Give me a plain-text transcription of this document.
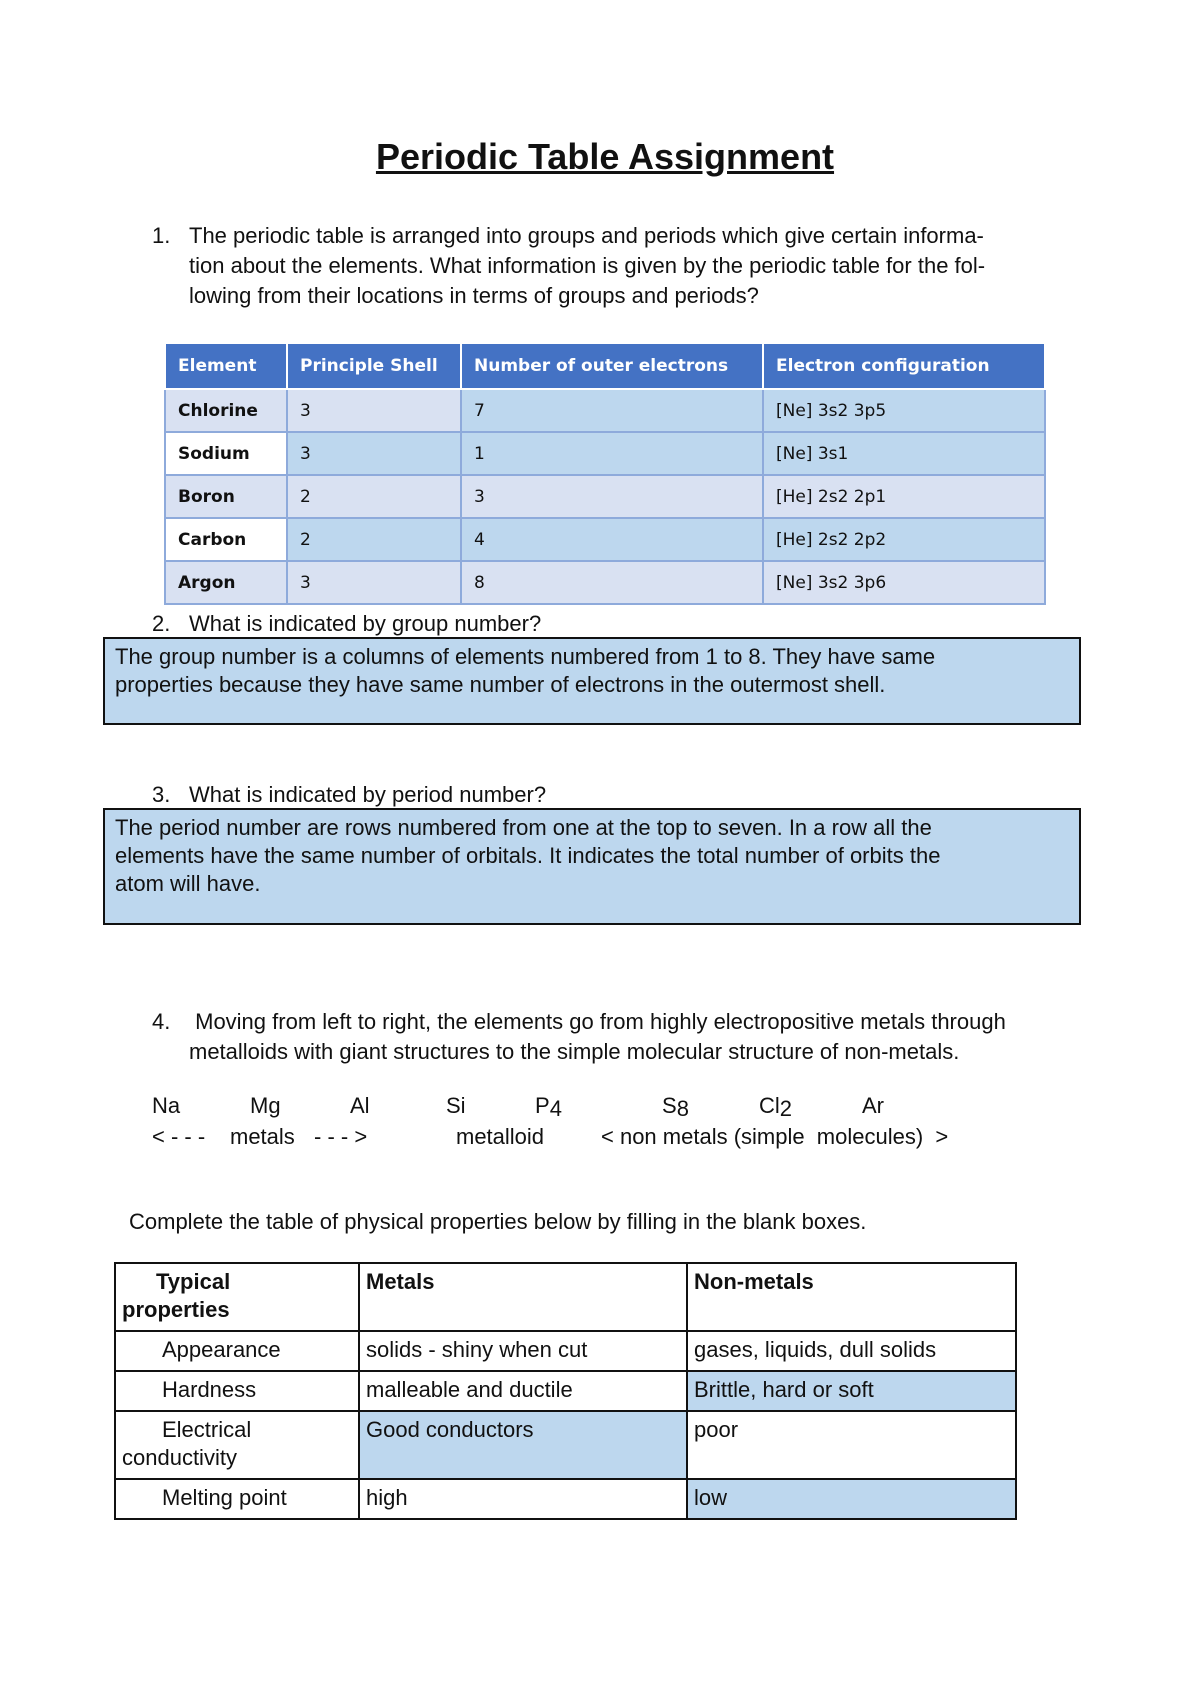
Periodic Table Assignment
1. The periodic table is arranged into groups and periods which give certain informa-
tion about the elements. What information is given by the periodic table for the fol-
lowing from their locations in terms of groups and periods?
Element	Principle Shell	Number of outer electrons	Electron configuration
Chlorine	3	7	[Ne] 3s2 3p5
Sodium	3	1	[Ne] 3s1
Boron	2	3	[He] 2s2 2p1
Carbon	2	4	[He] 2s2 2p2
Argon	3	8	[Ne] 3s2 3p6
2. What is indicated by group number?
The group number is a columns of elements numbered from 1 to 8. They have same
properties because they have same number of electrons in the outermost shell.
3. What is indicated by period number?
The period number are rows numbered from one at the top to seven. In a row all the
elements have the same number of orbitals. It indicates the total number of orbits the
atom will have.
4. Moving from left to right, the elements go from highly electropositive metals through
metalloids with giant structures to the simple molecular structure of non-metals.

Na

	Mg

	Al

	Si

	$P_4$

	$S_8$

	$Cl_2$

	Ar

< - - -

metals

- - - >

	metalloid

	< non metals (simple  molecules)  >

Complete the table of physical properties below by filling in the blank boxes.
Typical properties	Metals	Non-metals
Appearance	solids - shiny when cut	gases, liquids, dull solids
Hardness	malleable and ductile	Brittle, hard or soft
Electrical conductivity	Good conductors	poor
Melting point	high	low
